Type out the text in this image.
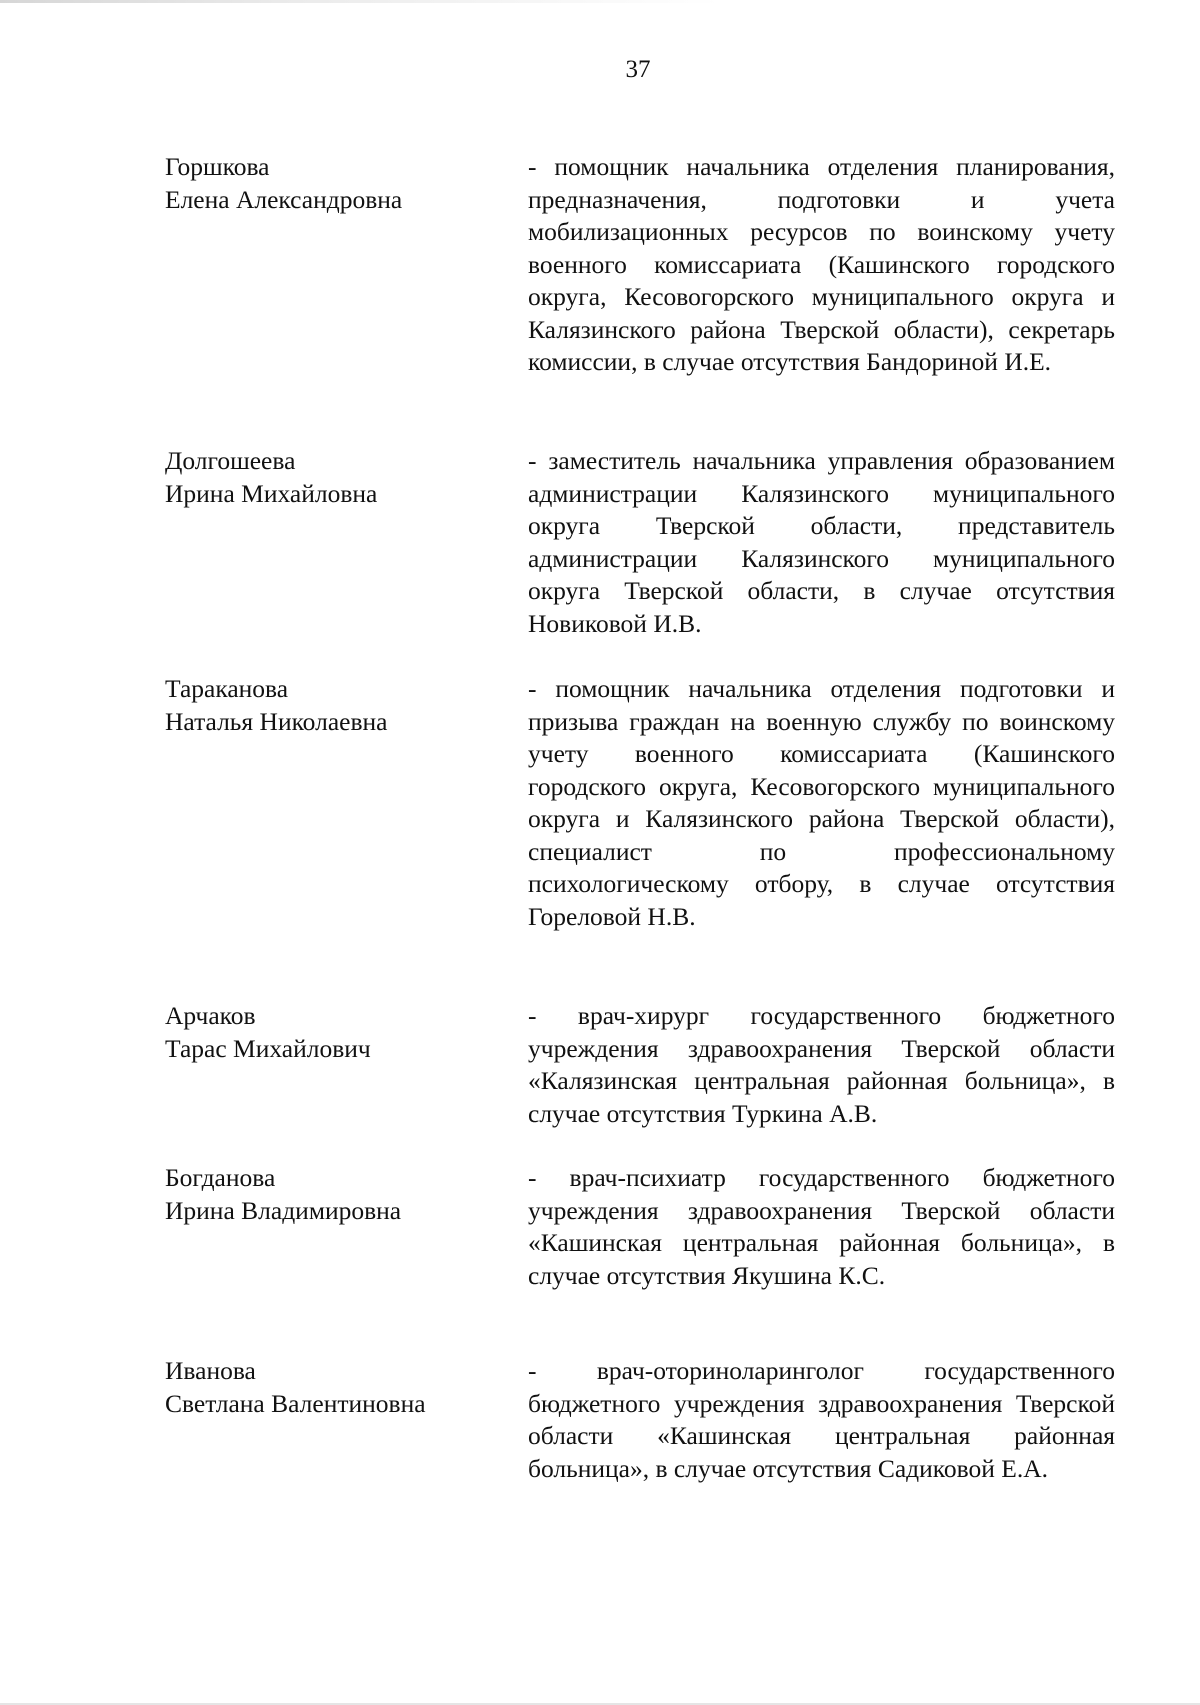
37
Горшкова
Елена Александровна
- помощник начальника отделения планирования, предназначения, подготовки и учета мобилизационных ресурсов по воинскому учету военного комиссариата (Кашинского городского округа, Кесовогорского муниципального округа и Калязинского района Тверской области), секретарь комиссии, в случае отсутствия Бандориной И.Е.
Долгошеева
Ирина Михайловна
- заместитель начальника управления образованием администрации Калязинского муниципального округа Тверской области, представитель администрации Калязинского муниципального округа Тверской области, в случае отсутствия Новиковой И.В.
Тараканова
Наталья Николаевна
- помощник начальника отделения подготовки и призыва граждан на военную службу по воинскому учету военного комиссариата (Кашинского городского округа, Кесовогорского муниципального округа и Калязинского района Тверской области), специалист по профессиональному психологическому отбору, в случае отсутствия Гореловой Н.В.
Арчаков
Тарас Михайлович
- врач-хирург государственного бюджетного учреждения здравоохранения Тверской области «Калязинская центральная районная больница», в случае отсутствия Туркина А.В.
Богданова
Ирина Владимировна
- врач-психиатр государственного бюджетного учреждения здравоохранения Тверской области «Кашинская центральная районная больница», в случае отсутствия Якушина К.С.
Иванова
Светлана Валентиновна
- врач-оториноларинголог государственного бюджетного учреждения здравоохранения Тверской области «Кашинская центральная районная больница», в случае отсутствия Садиковой Е.А.
